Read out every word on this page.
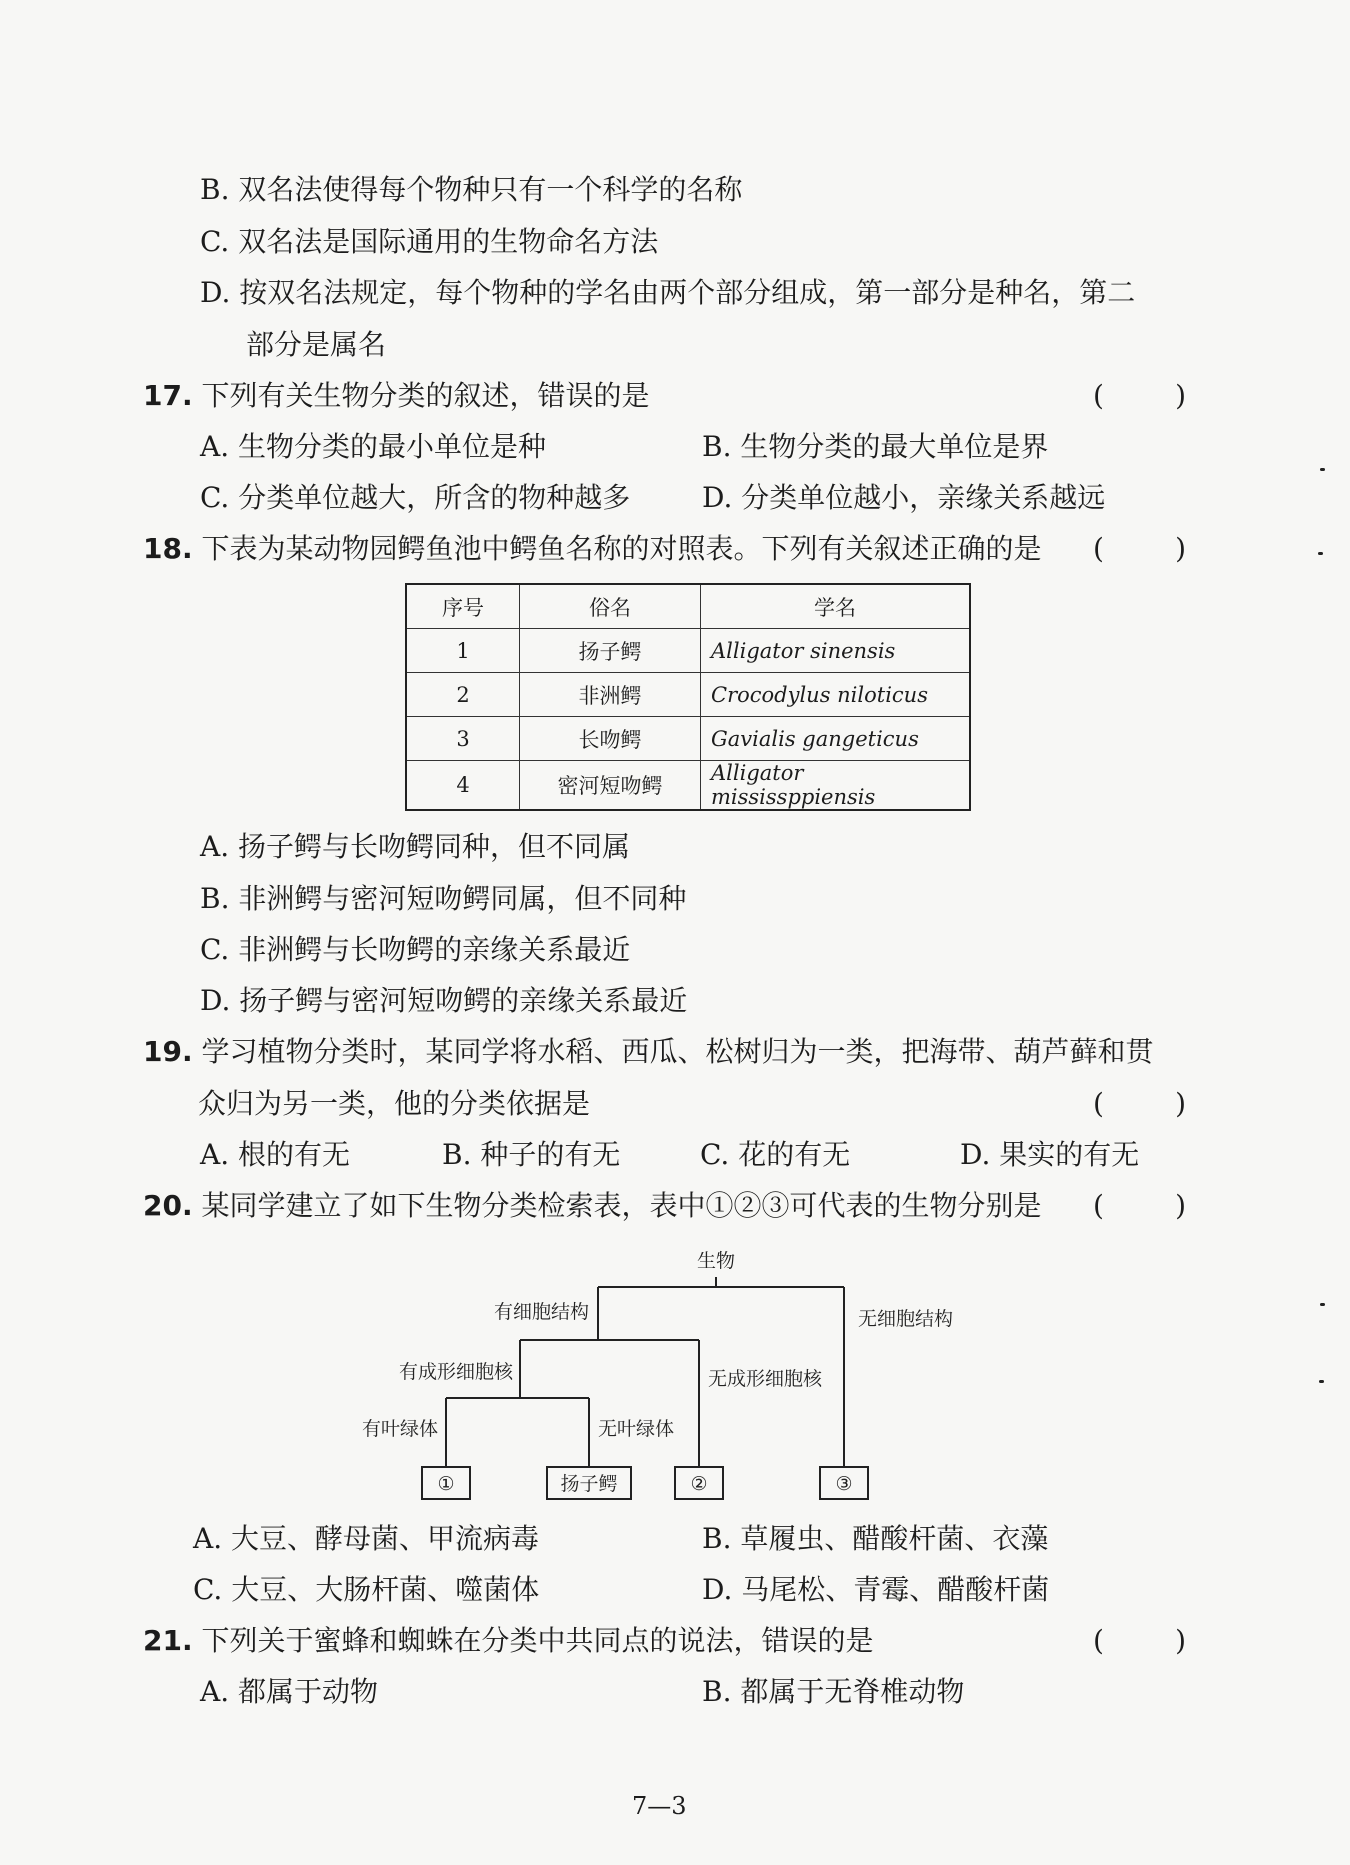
B. 双名法使得每个物种只有一个科学的名称
C. 双名法是国际通用的生物命名方法
D. 按双名法规定，每个物种的学名由两个部分组成，第一部分是种名，第二
部分是属名
17. 下列有关生物分类的叙述，错误的是	(        )
A. 生物分类的最小单位是种	B. 生物分类的最大单位是界
C. 分类单位越大，所含的物种越多	D. 分类单位越小，亲缘关系越远
18. 下表为某动物园鳄鱼池中鳄鱼名称的对照表。下列有关叙述正确的是 (        )
序号	俗名	学名
1	扬子鳄	Alligator sinensis
2	非洲鳄	Crocodylus niloticus
3	长吻鳄	Gavialis gangeticus
4	密河短吻鳄	Alligator mississppiensis
A. 扬子鳄与长吻鳄同种，但不同属
B. 非洲鳄与密河短吻鳄同属，但不同种
C. 非洲鳄与长吻鳄的亲缘关系最近
D. 扬子鳄与密河短吻鳄的亲缘关系最近
19. 学习植物分类时，某同学将水稻、西瓜、松树归为一类，把海带、葫芦藓和贯
众归为另一类，他的分类依据是	(        )
A. 根的有无	B. 种子的有无	C. 花的有无	D. 果实的有无
20. 某同学建立了如下生物分类检索表，表中①②③可代表的生物分别是 (        )
生物
有细胞结构	无细胞结构
有成形细胞核	无成形细胞核
有叶绿体	无叶绿体
①	扬子鳄	②	③
A. 大豆、酵母菌、甲流病毒	B. 草履虫、醋酸杆菌、衣藻
C. 大豆、大肠杆菌、噬菌体	D. 马尾松、青霉、醋酸杆菌
21. 下列关于蜜蜂和蜘蛛在分类中共同点的说法，错误的是	(        )
A. 都属于动物	B. 都属于无脊椎动物
7—3
